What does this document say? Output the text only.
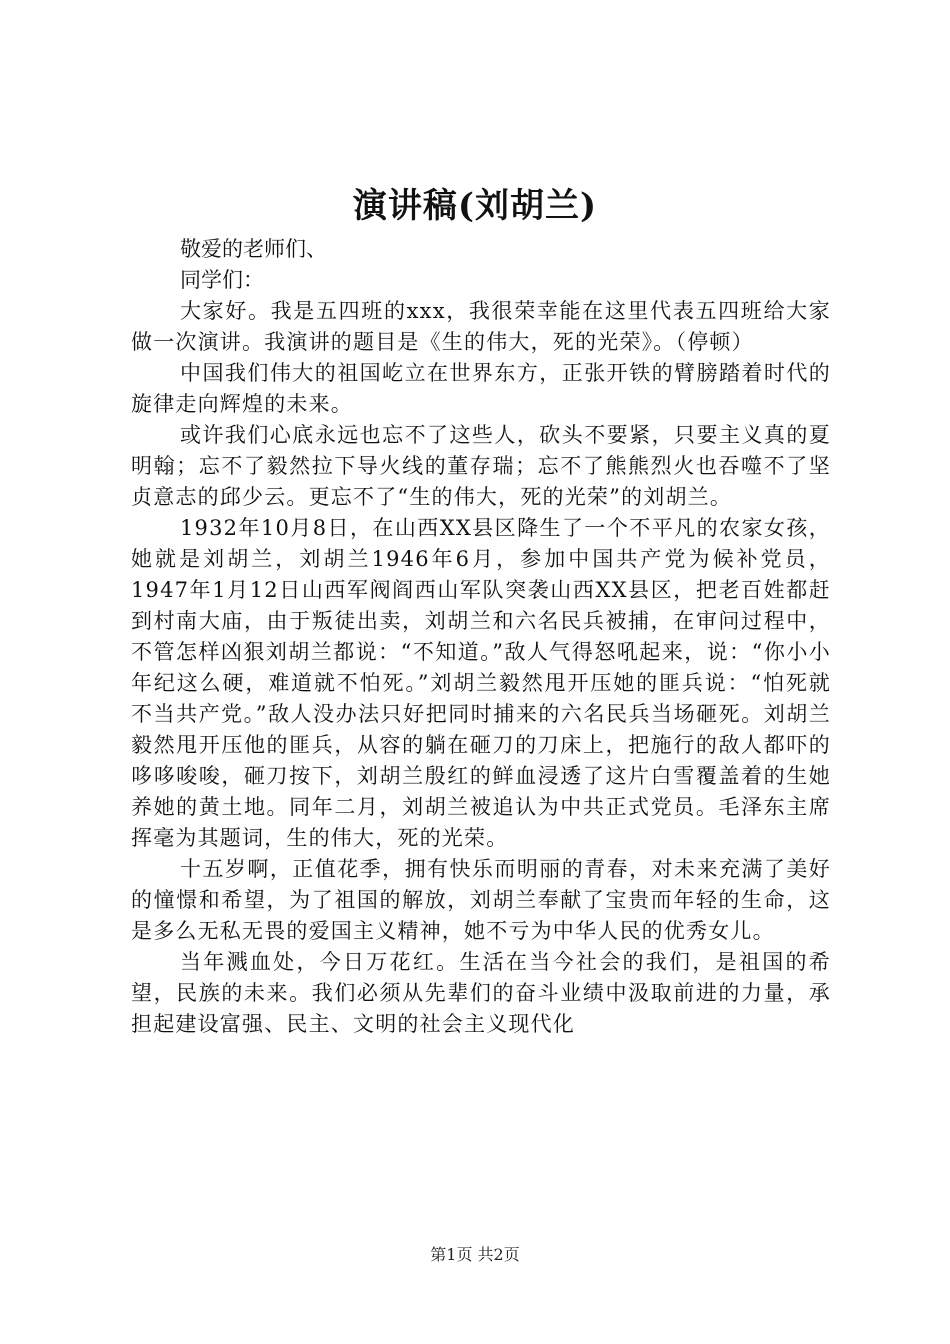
演讲稿(刘胡兰)

敬爱的老师们、

同学们：

大家好。我是五四班的xxx，我很荣幸能在这里代表五四班给大家做一次演讲。我演讲的题目是《生的伟大，死的光荣》。（停顿）

中国我们伟大的祖国屹立在世界东方，正张开铁的臂膀踏着时代的旋律走向辉煌的未来。

或许我们心底永远也忘不了这些人，砍头不要紧，只要主义真的夏明翰；忘不了毅然拉下导火线的董存瑞；忘不了熊熊烈火也吞噬不了坚贞意志的邱少云。更忘不了“生的伟大，死的光荣”的刘胡兰。

1932年10月8日，在山西XX县区降生了一个不平凡的农家女孩，她就是刘胡兰，刘胡兰1946年6月，参加中国共产党为候补党员，1947年1月12日山西军阀阎西山军队突袭山西XX县区，把老百姓都赶到村南大庙，由于叛徒出卖，刘胡兰和六名民兵被捕，在审问过程中，不管怎样凶狠刘胡兰都说：“不知道。”敌人气得怒吼起来，说：“你小小年纪这么硬，难道就不怕死。”刘胡兰毅然甩开压她的匪兵说：“怕死就不当共产党。”敌人没办法只好把同时捕来的六名民兵当场砸死。刘胡兰毅然甩开压他的匪兵，从容的躺在砸刀的刀床上，把施行的敌人都吓的哆哆唆唆，砸刀按下，刘胡兰殷红的鲜血浸透了这片白雪覆盖着的生她养她的黄土地。同年二月，刘胡兰被追认为中共正式党员。毛泽东主席挥毫为其题词，生的伟大，死的光荣。

十五岁啊，正值花季，拥有快乐而明丽的青春，对未来充满了美好的憧憬和希望，为了祖国的解放，刘胡兰奉献了宝贵而年轻的生命，这是多么无私无畏的爱国主义精神，她不亏为中华人民的优秀女儿。

当年溅血处，今日万花红。生活在当今社会的我们，是祖国的希望，民族的未来。我们必须从先辈们的奋斗业绩中汲取前进的力量，承担起建设富强、民主、文明的社会主义现代化

第1页 共2页
